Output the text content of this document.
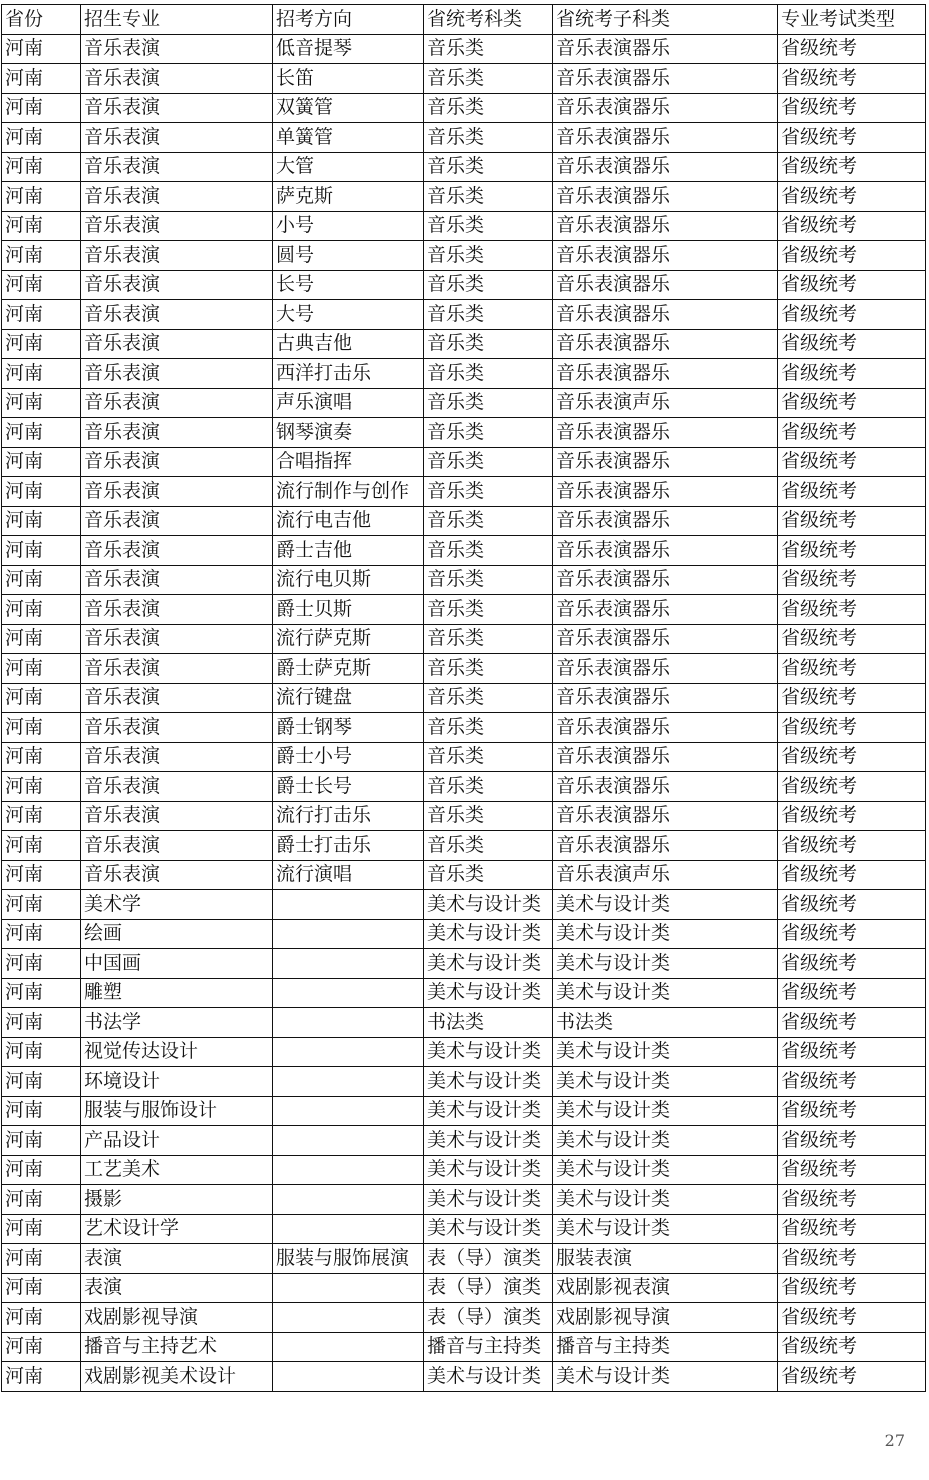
省份	招生专业	招考方向	省统考科类	省统考子科类	专业考试类型
河南	音乐表演	低音提琴	音乐类	音乐表演器乐	省级统考
河南	音乐表演	长笛	音乐类	音乐表演器乐	省级统考
河南	音乐表演	双簧管	音乐类	音乐表演器乐	省级统考
河南	音乐表演	单簧管	音乐类	音乐表演器乐	省级统考
河南	音乐表演	大管	音乐类	音乐表演器乐	省级统考
河南	音乐表演	萨克斯	音乐类	音乐表演器乐	省级统考
河南	音乐表演	小号	音乐类	音乐表演器乐	省级统考
河南	音乐表演	圆号	音乐类	音乐表演器乐	省级统考
河南	音乐表演	长号	音乐类	音乐表演器乐	省级统考
河南	音乐表演	大号	音乐类	音乐表演器乐	省级统考
河南	音乐表演	古典吉他	音乐类	音乐表演器乐	省级统考
河南	音乐表演	西洋打击乐	音乐类	音乐表演器乐	省级统考
河南	音乐表演	声乐演唱	音乐类	音乐表演声乐	省级统考
河南	音乐表演	钢琴演奏	音乐类	音乐表演器乐	省级统考
河南	音乐表演	合唱指挥	音乐类	音乐表演器乐	省级统考
河南	音乐表演	流行制作与创作	音乐类	音乐表演器乐	省级统考
河南	音乐表演	流行电吉他	音乐类	音乐表演器乐	省级统考
河南	音乐表演	爵士吉他	音乐类	音乐表演器乐	省级统考
河南	音乐表演	流行电贝斯	音乐类	音乐表演器乐	省级统考
河南	音乐表演	爵士贝斯	音乐类	音乐表演器乐	省级统考
河南	音乐表演	流行萨克斯	音乐类	音乐表演器乐	省级统考
河南	音乐表演	爵士萨克斯	音乐类	音乐表演器乐	省级统考
河南	音乐表演	流行键盘	音乐类	音乐表演器乐	省级统考
河南	音乐表演	爵士钢琴	音乐类	音乐表演器乐	省级统考
河南	音乐表演	爵士小号	音乐类	音乐表演器乐	省级统考
河南	音乐表演	爵士长号	音乐类	音乐表演器乐	省级统考
河南	音乐表演	流行打击乐	音乐类	音乐表演器乐	省级统考
河南	音乐表演	爵士打击乐	音乐类	音乐表演器乐	省级统考
河南	音乐表演	流行演唱	音乐类	音乐表演声乐	省级统考
河南	美术学		美术与设计类	美术与设计类	省级统考
河南	绘画		美术与设计类	美术与设计类	省级统考
河南	中国画		美术与设计类	美术与设计类	省级统考
河南	雕塑		美术与设计类	美术与设计类	省级统考
河南	书法学		书法类	书法类	省级统考
河南	视觉传达设计		美术与设计类	美术与设计类	省级统考
河南	环境设计		美术与设计类	美术与设计类	省级统考
河南	服装与服饰设计		美术与设计类	美术与设计类	省级统考
河南	产品设计		美术与设计类	美术与设计类	省级统考
河南	工艺美术		美术与设计类	美术与设计类	省级统考
河南	摄影		美术与设计类	美术与设计类	省级统考
河南	艺术设计学		美术与设计类	美术与设计类	省级统考
河南	表演	服装与服饰展演	表（导）演类	服装表演	省级统考
河南	表演		表（导）演类	戏剧影视表演	省级统考
河南	戏剧影视导演		表（导）演类	戏剧影视导演	省级统考
河南	播音与主持艺术		播音与主持类	播音与主持类	省级统考
河南	戏剧影视美术设计		美术与设计类	美术与设计类	省级统考
27
